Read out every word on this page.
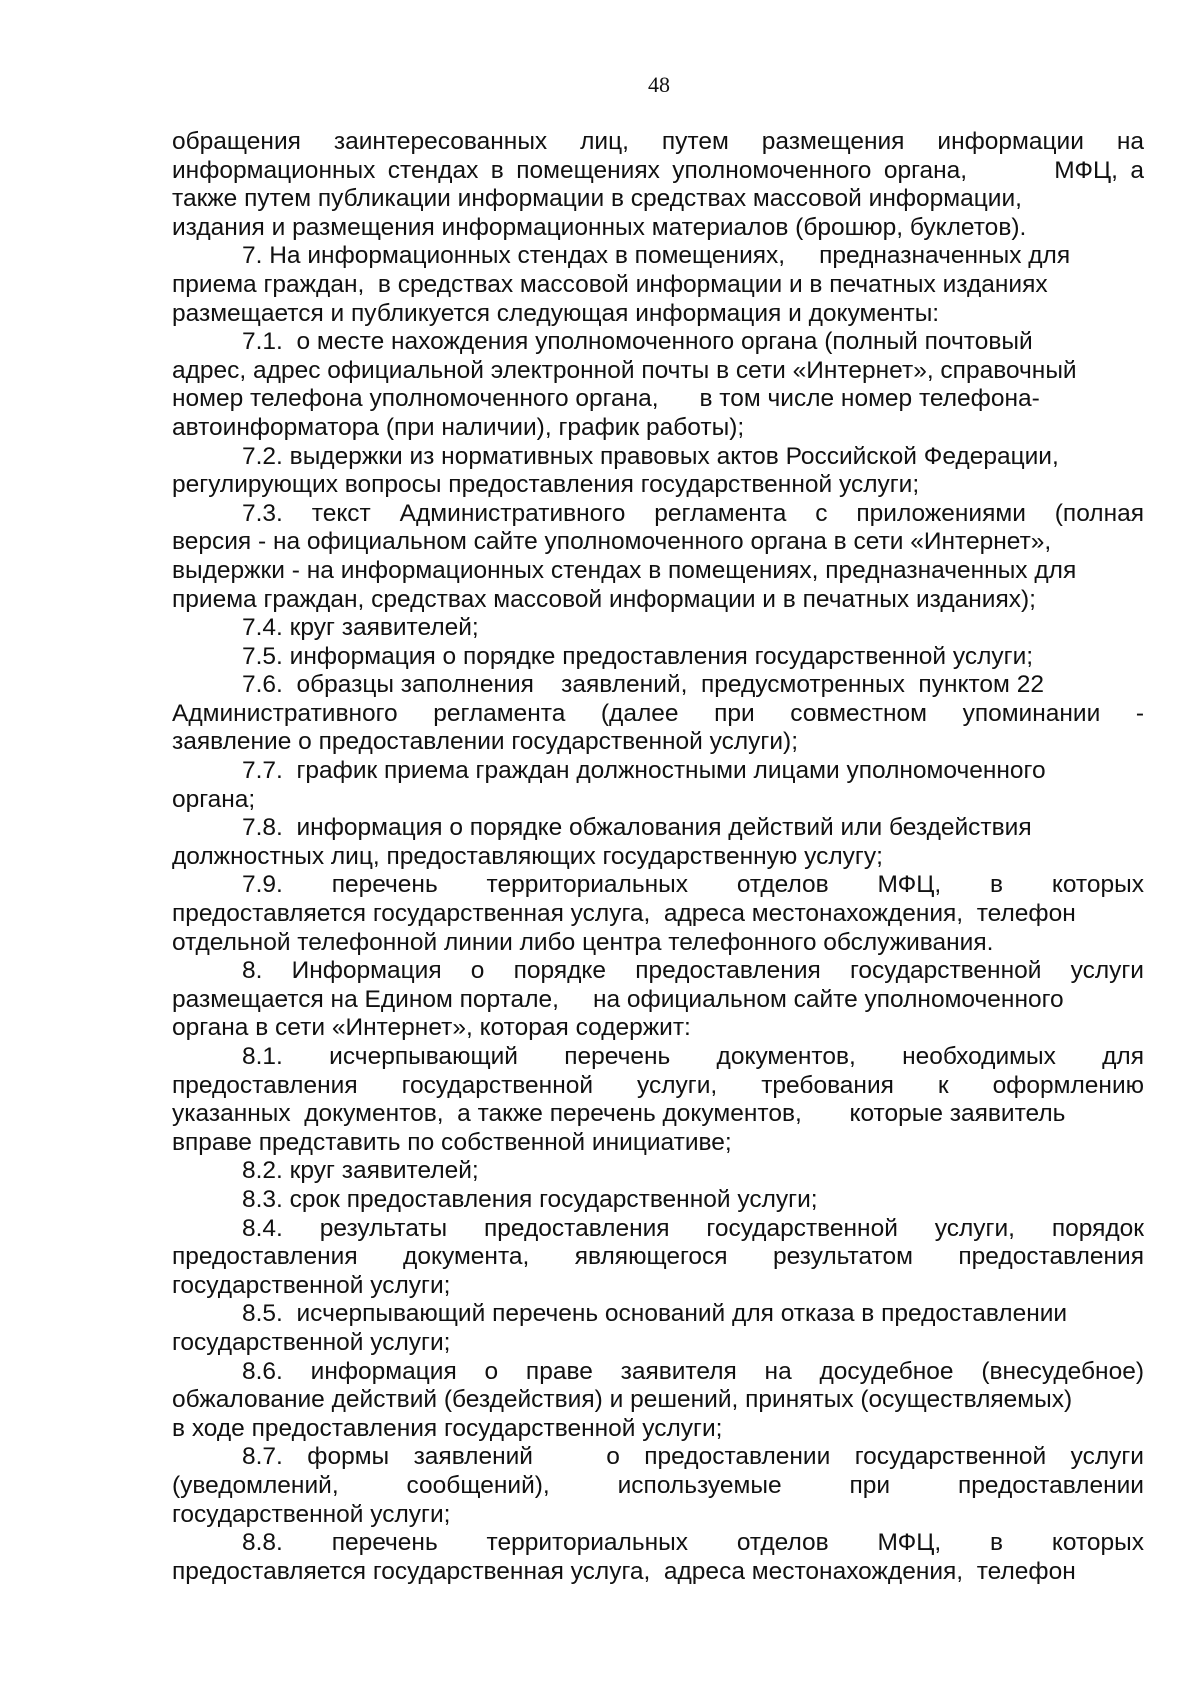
48
обращения заинтересованных лиц, путем размещения информации на
информационных стендах в помещениях уполномоченного органа,       МФЦ, а
также путем публикации информации в средствах массовой информации,
издания и размещения информационных материалов (брошюр, буклетов).
7. На информационных стендах в помещениях,     предназначенных для
приема граждан,  в средствах массовой информации и в печатных изданиях
размещается и публикуется следующая информация и документы:
7.1.  о месте нахождения уполномоченного органа (полный почтовый
адрес, адрес официальной электронной почты в сети «Интернет», справочный
номер телефона уполномоченного органа,      в том числе номер телефона-
автоинформатора (при наличии), график работы);
7.2. выдержки из нормативных правовых актов Российской Федерации,
регулирующих вопросы предоставления государственной услуги;
7.3. текст Административного регламента с приложениями (полная
версия - на официальном сайте уполномоченного органа в сети «Интернет»,
выдержки - на информационных стендах в помещениях, предназначенных для
приема граждан, средствах массовой информации и в печатных изданиях);
7.4. круг заявителей;
7.5. информация о порядке предоставления государственной услуги;
7.6.  образцы заполнения    заявлений,  предусмотренных  пунктом 22
Административного регламента (далее при совместном упоминании -
заявление о предоставлении государственной услуги);
7.7.  график приема граждан должностными лицами уполномоченного
органа;
7.8.  информация о порядке обжалования действий или бездействия
должностных лиц, предоставляющих государственную услугу;
7.9. перечень территориальных отделов МФЦ, в которых
предоставляется государственная услуга,  адреса местонахождения,  телефон
отдельной телефонной линии либо центра телефонного обслуживания.
8. Информация о порядке предоставления государственной услуги
размещается на Едином портале,     на официальном сайте уполномоченного
органа в сети «Интернет», которая содержит:
8.1. исчерпывающий перечень документов, необходимых для
предоставления государственной услуги, требования к оформлению
указанных  документов,  а также перечень документов,       которые заявитель
вправе представить по собственной инициативе;
8.2. круг заявителей;
8.3. срок предоставления государственной услуги;
8.4. результаты предоставления государственной услуги, порядок
предоставления документа, являющегося результатом предоставления
государственной услуги;
8.5.  исчерпывающий перечень оснований для отказа в предоставлении
государственной услуги;
8.6. информация о праве заявителя на досудебное (внесудебное)
обжалование действий (бездействия) и решений, принятых (осуществляемых)
в ходе предоставления государственной услуги;
8.7. формы заявлений   о предоставлении государственной услуги
(уведомлений, сообщений), используемые при предоставлении
государственной услуги;
8.8. перечень территориальных отделов МФЦ, в которых
предоставляется государственная услуга,  адреса местонахождения,  телефон
